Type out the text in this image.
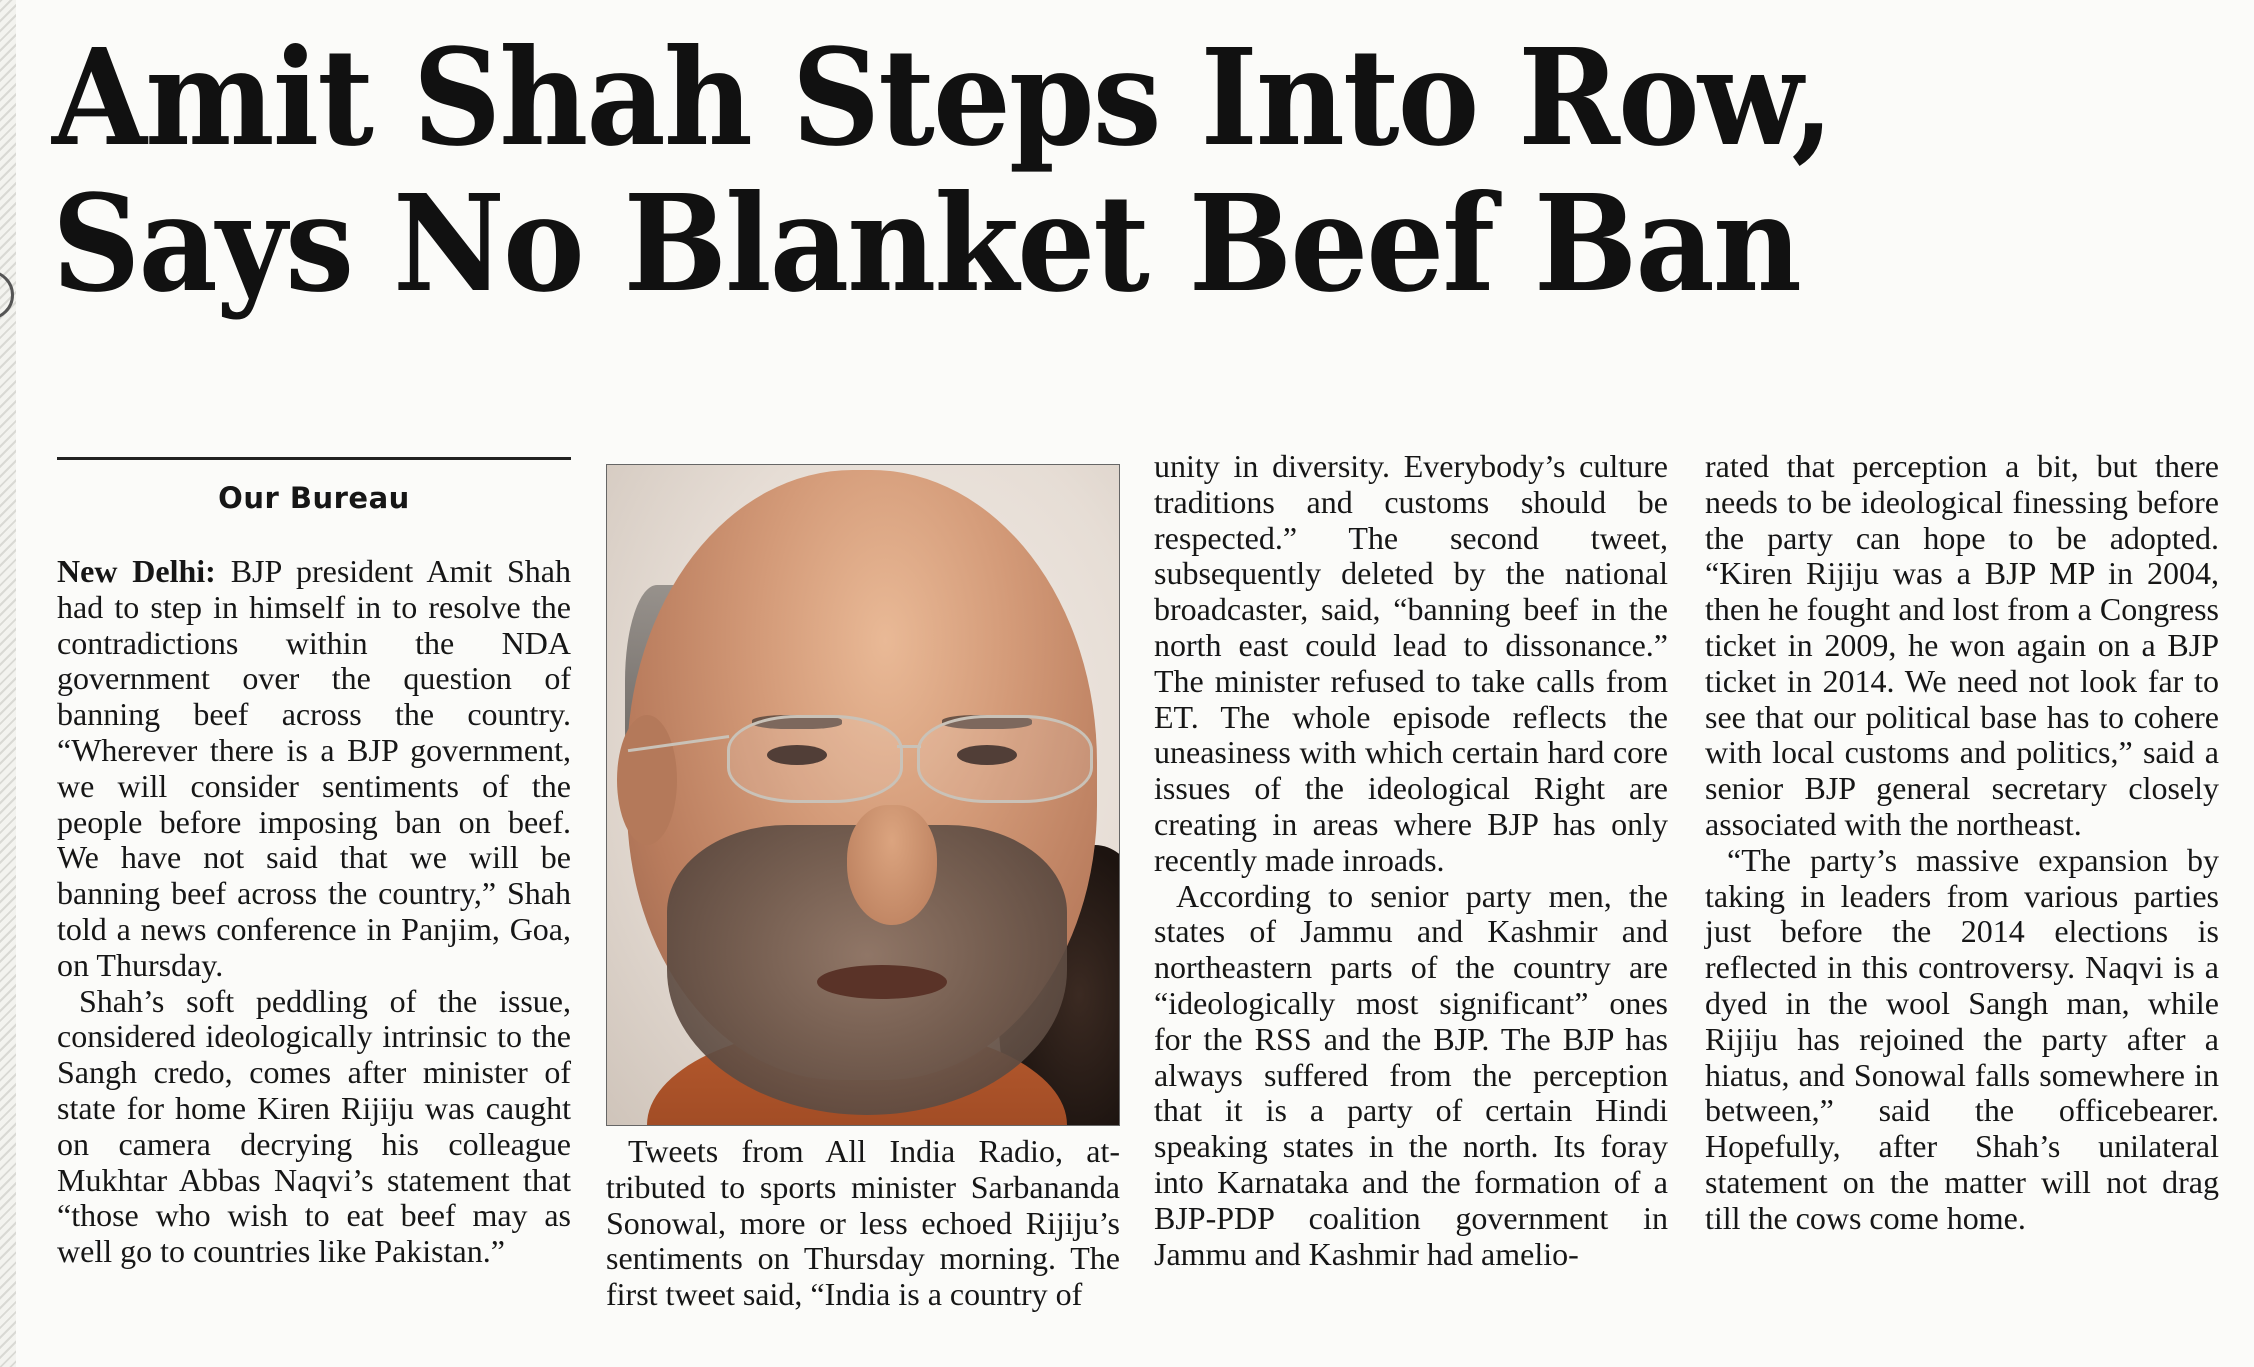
Amit Shah Steps Into Row,
Says No Blanket Beef Ban
Our Bureau

New Delhi: BJP president Amit Shah had to step in himself in to resolve the contradictions within the NDA government over the question of banning beef across the country. “Wherever there is a BJP government, we will consider sentiments of the people before imposing ban on beef. We have not said that we will be banning beef across the country,” Shah told a news conference in Panjim, Goa, on Thursday.

Shah’s soft peddling of the issue, considered ideologically intrinsic to the Sangh credo, comes after minister of state for home Kiren Rijiju was caught on camera decrying his colleague Mukhtar Abbas Naqvi’s statement that “those who wish to eat beef may as well go to countries like Pakistan.”

Tweets from All India Radio, attributed to sports minister Sarbananda Sonowal, more or less echoed Rijiju’s sentiments on Thursday morning. The first tweet said, “India is a country of

unity in diversity. Everybody’s culture traditions and customs should be respected.” The second tweet, subsequently deleted by the national broadcaster, said, “banning beef in the north east could lead to dissonance.” The minister refused to take calls from ET. The whole episode reflects the uneasiness with which certain hard core issues of the ideological Right are creating in areas where BJP has only recently made inroads.

According to senior party men, the states of Jammu and Kashmir and northeastern parts of the country are “ideologically most significant” ones for the RSS and the BJP. The BJP has always suffered from the perception that it is a party of certain Hindi speaking states in the north. Its foray into Karnataka and the formation of a BJP-PDP coalition government in Jammu and Kashmir had amelio-

rated that perception a bit, but there needs to be ideological finessing before the party can hope to be adopted. “Kiren Rijiju was a BJP MP in 2004, then he fought and lost from a Congress ticket in 2009, he won again on a BJP ticket in 2014. We need not look far to see that our political base has to cohere with local customs and politics,” said a senior BJP general secretary closely associated with the northeast.

“The party’s massive expansion by taking in leaders from various parties just before the 2014 elections is reflected in this controversy. Naqvi is a dyed in the wool Sangh man, while Rijiju has rejoined the party after a hiatus, and Sonowal falls somewhere in between,” said the officebearer. Hopefully, after Shah’s unilateral statement on the matter will not drag till the cows come home.
